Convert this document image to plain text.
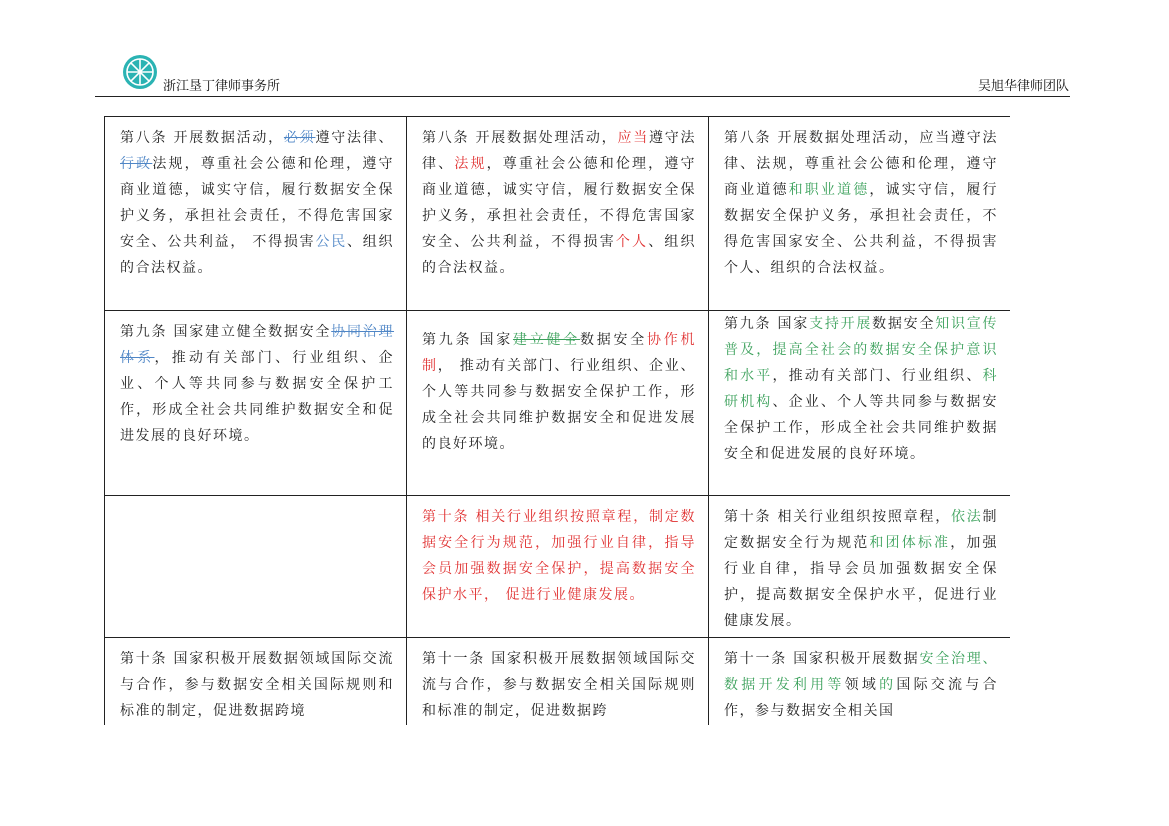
浙江垦丁律师事务所	吴旭华律师团队
第八条 开展数据活动，必须遵守法律、行政法规，尊重社会公德和伦理，遵守商业道德，诚实守信，履行数据安全保护义务，承担社会责任，不得危害国家安全、公共利益， 不得损害公民、组织的合法权益。
第八条 开展数据处理活动，应当遵守法律、法规，尊重社会公德和伦理，遵守商业道德，诚实守信，履行数据安全保护义务，承担社会责任，不得危害国家安全、公共利益，不得损害个人、组织的合法权益。
第八条 开展数据处理活动，应当遵守法律、法规，尊重社会公德和伦理，遵守商业道德和职业道德，诚实守信，履行数据安全保护义务，承担社会责任，不得危害国家安全、公共利益，不得损害个人、组织的合法权益。
第九条 国家建立健全数据安全协同治理体系，推动有关部门、行业组织、企业、个人等共同参与数据安全保护工作，形成全社会共同维护数据安全和促进发展的良好环境。
第九条 国家建立健全数据安全协作机制， 推动有关部门、行业组织、企业、个人等共同参与数据安全保护工作，形成全社会共同维护数据安全和促进发展的良好环境。
第九条 国家支持开展数据安全知识宣传普及，提高全社会的数据安全保护意识和水平，推动有关部门、行业组织、科研机构、企业、个人等共同参与数据安全保护工作，形成全社会共同维护数据安全和促进发展的良好环境。
第十条 相关行业组织按照章程，制定数据安全行为规范，加强行业自律，指导会员加强数据安全保护，提高数据安全保护水平， 促进行业健康发展。
第十条 相关行业组织按照章程，依法制定数据安全行为规范和团体标准，加强行业自律，指导会员加强数据安全保护，提高数据安全保护水平，促进行业健康发展。
第十条 国家积极开展数据领域国际交流与合作，参与数据安全相关国际规则和标准的制定，促进数据跨境
第十一条 国家积极开展数据领域国际交流与合作，参与数据安全相关国际规则和标准的制定，促进数据跨
第十一条 国家积极开展数据安全治理、数据开发利用等领域的国际交流与合作，参与数据安全相关国
